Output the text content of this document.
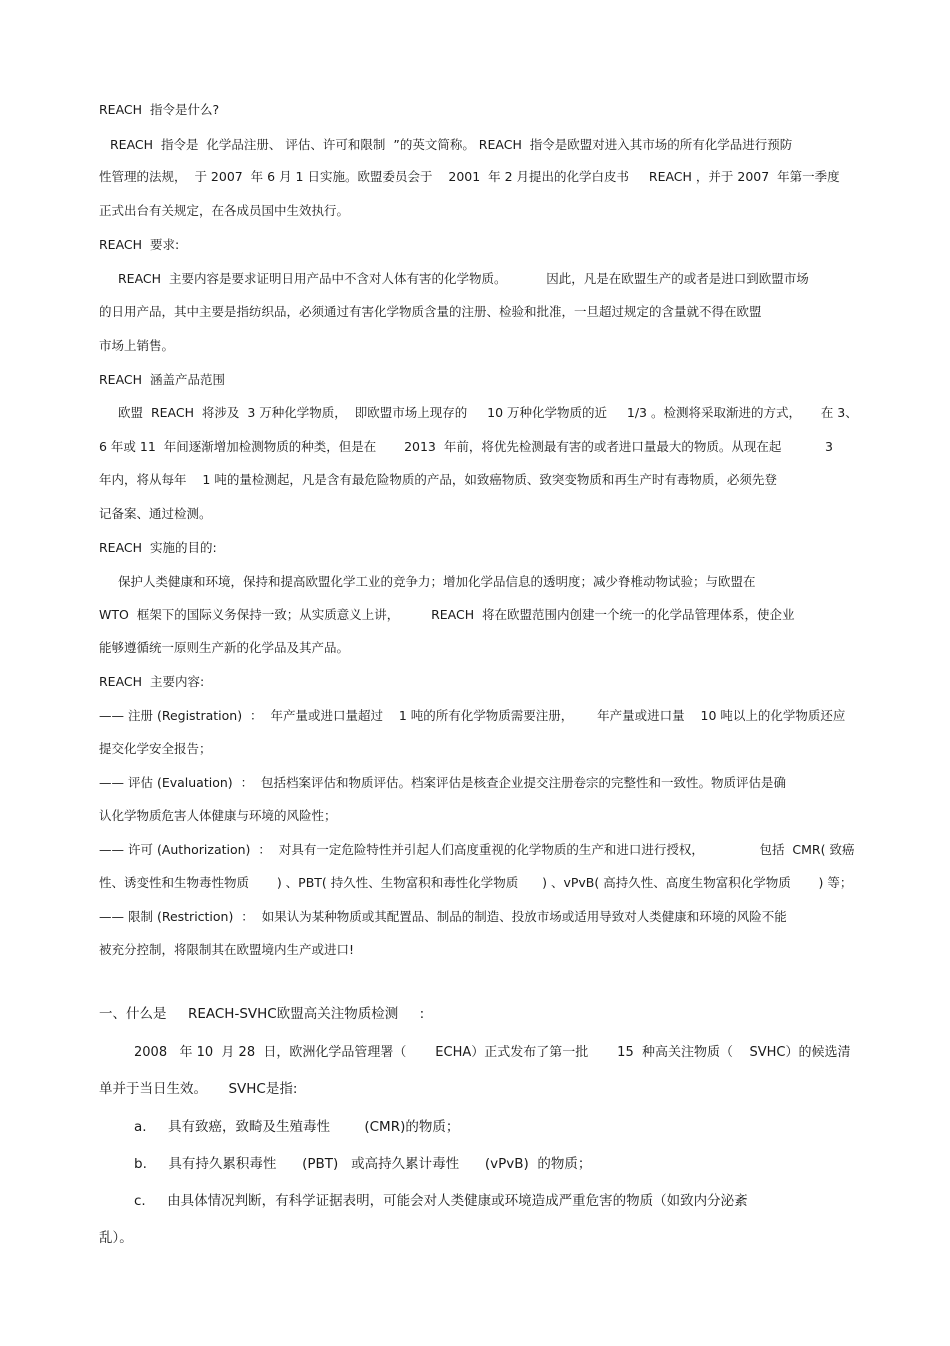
REACH  指令是什么?
REACH  指令是  化学品注册、 评估、许可和限制  ”的英文简称。 REACH  指令是欧盟对进入其市场的所有化学品进行预防
性管理的法规，  于 2007  年 6 月 1 日实施。欧盟委员会于    2001  年 2 月提出的化学白皮书     REACH ，并于 2007  年第一季度
正式出台有关规定，在各成员国中生效执行。
REACH  要求:
REACH  主要内容是要求证明日用产品中不含对人体有害的化学物质。          因此，凡是在欧盟生产的或者是进口到欧盟市场
的日用产品，其中主要是指纺织品，必须通过有害化学物质含量的注册、检验和批准，一旦超过规定的含量就不得在欧盟
市场上销售。
REACH  涵盖产品范围
欧盟  REACH  将涉及  3 万种化学物质，  即欧盟市场上现存的     10 万种化学物质的近     1/3 。检测将采取渐进的方式，     在 3、
6 年或 11  年间逐渐增加检测物质的种类，但是在       2013  年前，将优先检测最有害的或者进口量最大的物质。从现在起           3
年内，将从每年    1 吨的量检测起，凡是含有最危险物质的产品，如致癌物质、致突变物质和再生产时有毒物质，必须先登
记备案、通过检测。
REACH  实施的目的:
保护人类健康和环境，保持和提高欧盟化学工业的竞争力；增加化学品信息的透明度；减少脊椎动物试验；与欧盟在
WTO  框架下的国际义务保持一致；从实质意义上讲，        REACH  将在欧盟范围内创建一个统一的化学品管理体系，使企业
能够遵循统一原则生产新的化学品及其产品。
REACH  主要内容:
—— 注册 (Registration)  ：  年产量或进口量超过    1 吨的所有化学物质需要注册，      年产量或进口量    10 吨以上的化学物质还应
提交化学安全报告；
—— 评估 (Evaluation)  ：  包括档案评估和物质评估。档案评估是核查企业提交注册卷宗的完整性和一致性。物质评估是确
认化学物质危害人体健康与环境的风险性；
—— 许可 (Authorization)  ：  对具有一定危险特性并引起人们高度重视的化学物质的生产和进口进行授权，              包括  CMR( 致癌
性、诱变性和生物毒性物质       ) 、PBT( 持久性、生物富积和毒性化学物质      ) 、vPvB( 高持久性、高度生物富积化学物质       ) 等；
—— 限制 (Restriction)  ：  如果认为某种物质或其配置品、制品的制造、投放市场或适用导致对人类健康和环境的风险不能
被充分控制，将限制其在欧盟境内生产或进口!
一、什么是     REACH-SVHC欧盟高关注物质检测     :
2008   年 10  月 28  日，欧洲化学品管理署（       ECHA）正式发布了第一批       15  种高关注物质（    SVHC）的候选清
单并于当日生效。     SVHC是指:
a.     具有致癌，致畸及生殖毒性        (CMR)的物质；
b.     具有持久累积毒性      (PBT)   或高持久累计毒性      (vPvB)  的物质；
c.     由具体情况判断，有科学证据表明，可能会对人类健康或环境造成严重危害的物质（如致内分泌紊
乱）。
